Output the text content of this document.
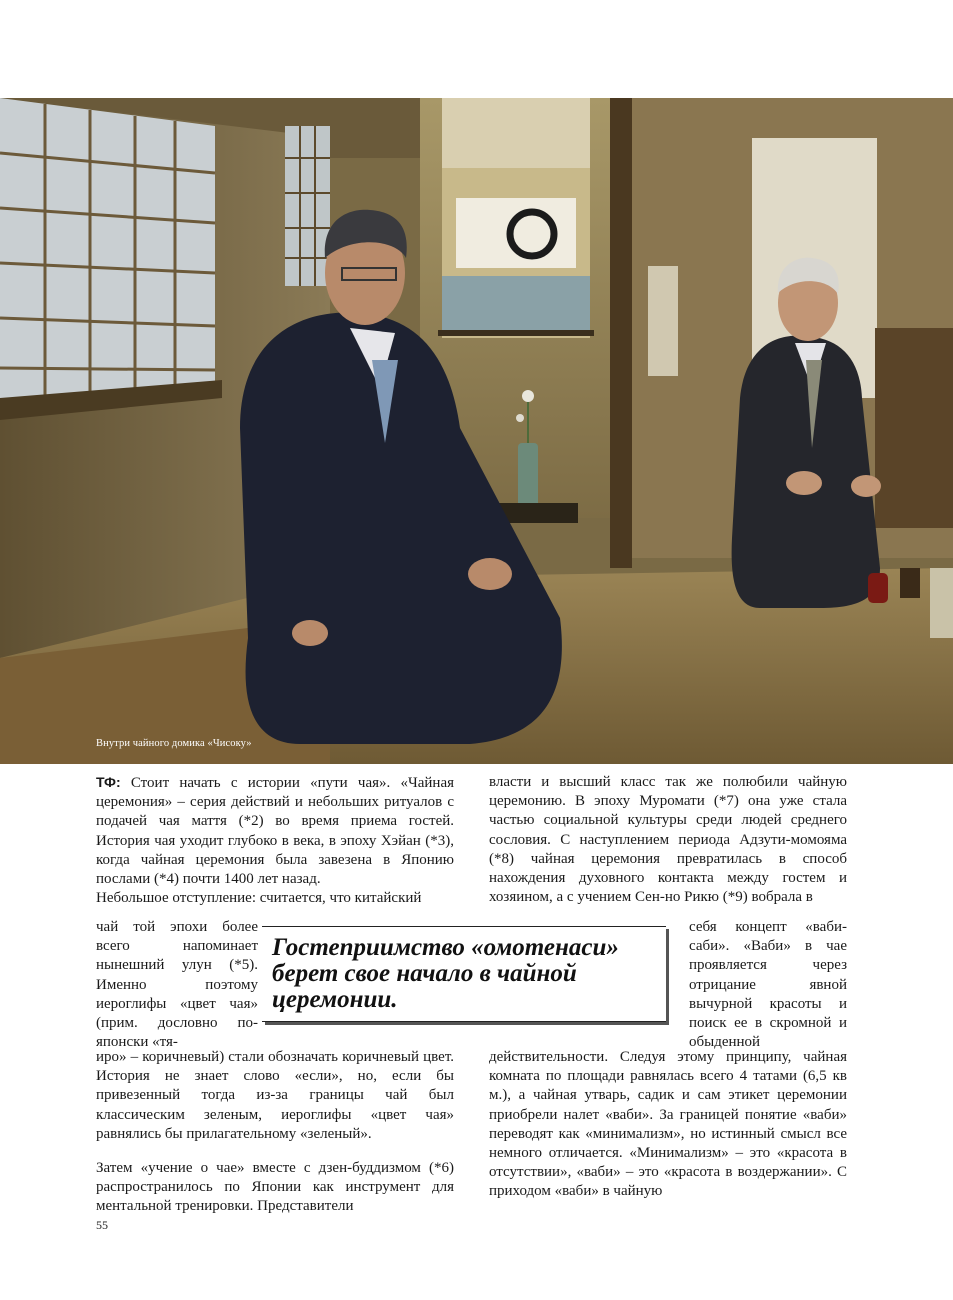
Внутри чайного домика «Чисоку»

ТФ: Стоит начать с истории «пути чая». «Чайная церемония» – серия действий и небольших ритуалов с подачей чая маття (*2) во время приема гостей. История чая уходит глубоко в века, в эпоху Хэйан (*3), когда чайная церемония была завезена в Японию послами (*4) почти 1400 лет назад.

Небольшое отступление: считается, что китайский

чай той эпохи более всего напоминает нынешний улун (*5). Именно поэтому иероглифы «цвет чая» (прим. дословно по-японски «тя-

иро» – коричневый) стали обозначать коричневый цвет. История не знает слово «если», но, если бы привезенный тогда из-за границы чай был классическим зеленым, иероглифы «цвет чая» равнялись бы прилагательному «зеленый».

Затем «учение о чае» вместе с дзен-буддизмом (*6) распространилось по Японии как инструмент для ментальной тренировки. Представители

власти и высший класс так же полюбили чайную церемонию. В эпоху Муромати (*7) она уже стала частью социальной культуры среди людей среднего сословия. С наступлением периода Адзути-момояма (*8) чайная церемония превратилась в способ нахождения духовного контакта между гостем и хозяином, а с учением Сен-но Рикю (*9) вобрала в

себя концепт «ваби-саби». «Ваби» в чае проявляется через отрицание явной вычурной красоты и поиск ее в скромной и обыденной

действительности. Следуя этому принципу, чайная комната по площади равнялась всего 4 татами (6,5 кв м.), а чайная утварь, садик и сам этикет церемонии приобрели налет «ваби». За границей понятие «ваби» переводят как «минимализм», но истинный смысл все немного отличается. «Минимализм» – это «красота в отсутствии», «ваби» – это «красота в воздержании». С приходом «ваби» в чайную

Гостеприимство «омотенаси» берет свое начало в чайной церемонии.
55
